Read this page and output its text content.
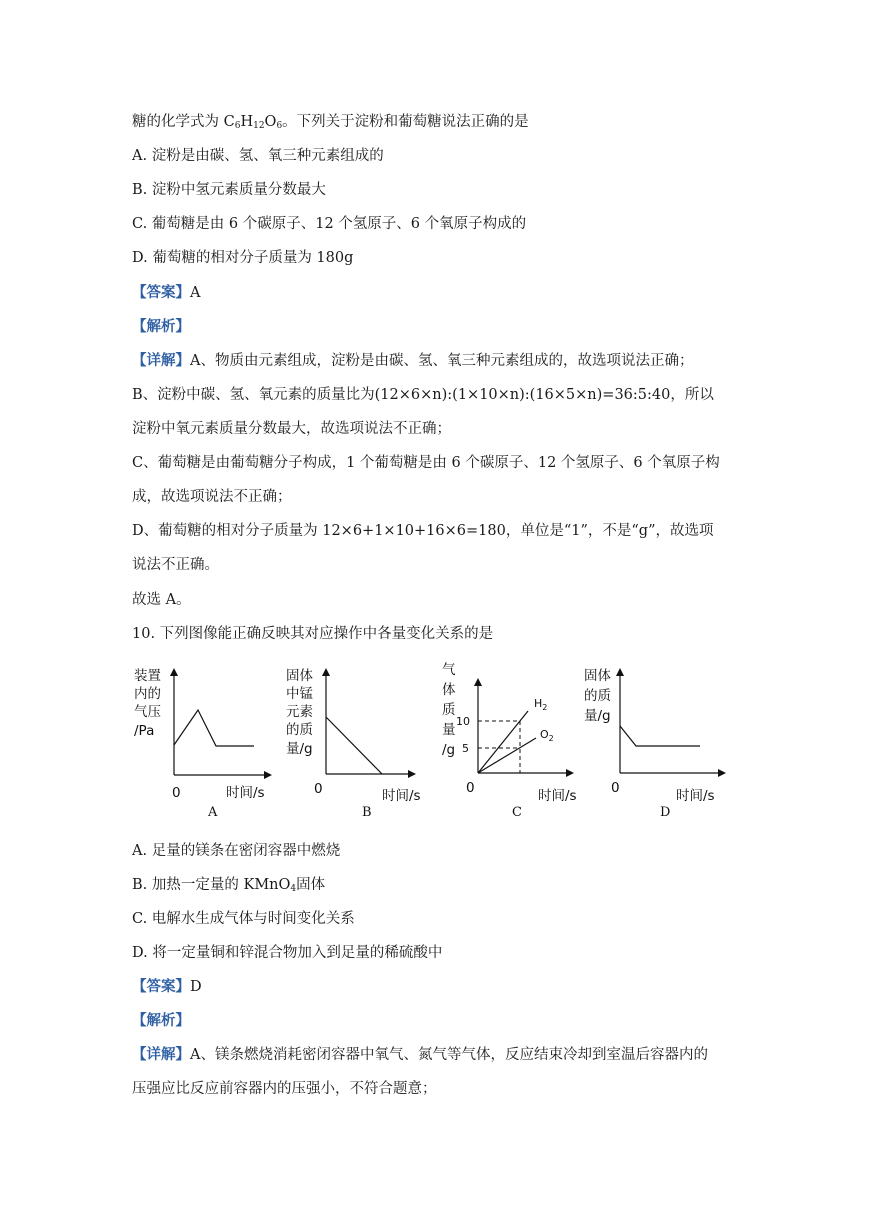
糖的化学式为 $C_6H_{12}O_6$。下列关于淀粉和葡萄糖说法正确的是
A. 淀粉是由碳、氢、氧三种元素组成的
B. 淀粉中氢元素质量分数最大
C. 葡萄糖是由 6 个碳原子、12 个氢原子、6 个氧原子构成的
D. 葡萄糖的相对分子质量为 180g
【答案】A
【解析】
【详解】A、物质由元素组成，淀粉是由碳、氢、氧三种元素组成的，故选项说法正确；
B、淀粉中碳、氢、氧元素的质量比为(12×6×n):(1×10×n):(16×5×n)=36:5:40，所以
淀粉中氧元素质量分数最大，故选项说法不正确；
C、葡萄糖是由葡萄糖分子构成，1 个葡萄糖是由 6 个碳原子、12 个氢原子、6 个氧原子构
成，故选项说法不正确；
D、葡萄糖的相对分子质量为 12×6+1×10+16×6=180，单位是“1”，不是“g”，故选项
说法不正确。
故选 A。
10. 下列图像能正确反映其对应操作中各量变化关系的是
装置
内的
气压
/Pa
0	时间/s
A
固体
中锰
元素
的质
量/g
0	时间/s
B
气
体
质
量
/g
10
5
$H_2$
$O_2$
0	时间/s
C
固体
的质
量/g
0	时间/s
D
A. 足量的镁条在密闭容器中燃烧
B. 加热一定量的 KMnO$_4$固体
C. 电解水生成气体与时间变化关系
D. 将一定量铜和锌混合物加入到足量的稀硫酸中
【答案】D
【解析】
【详解】A、镁条燃烧消耗密闭容器中氧气、氮气等气体，反应结束冷却到室温后容器内的
压强应比反应前容器内的压强小，不符合题意；
